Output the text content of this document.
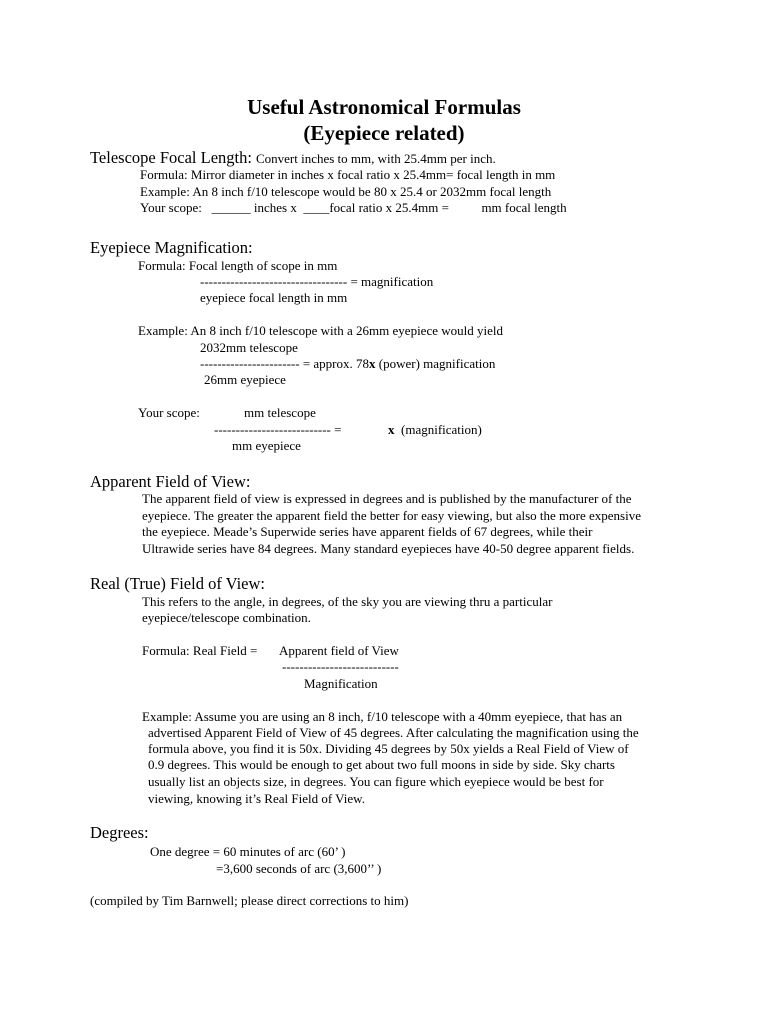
Useful Astronomical Formulas
(Eyepiece related)
Telescope Focal Length: Convert inches to mm, with 25.4mm per inch.
Formula: Mirror diameter in inches x focal ratio x 25.4mm= focal length in mm
Example: An 8 inch f/10 telescope would be 80 x 25.4 or 2032mm focal length
Your scope:   ______ inches x  ____focal ratio x 25.4mm =          mm focal length
Eyepiece Magnification:
Formula: Focal length of scope in mm
---------------------------------- = magnification
eyepiece focal length in mm
Example: An 8 inch f/10 telescope with a 26mm eyepiece would yield
2032mm telescope
----------------------- = approx. 78x (power) magnification
26mm eyepiece
Your scope:	mm telescope
--------------------------- =	x  (magnification)
mm eyepiece
Apparent Field of View:
The apparent field of view is expressed in degrees and is published by the manufacturer of the
eyepiece. The greater the apparent field the better for easy viewing, but also the more expensive
the eyepiece. Meade’s Superwide series have apparent fields of 67 degrees, while their
Ultrawide series have 84 degrees. Many standard eyepieces have 40-50 degree apparent fields.
Real (True) Field of View:
This refers to the angle, in degrees, of the sky you are viewing thru a particular
eyepiece/telescope combination.
Formula: Real Field = Apparent field of View
---------------------------
Magnification
Example: Assume you are using an 8 inch, f/10 telescope with a 40mm eyepiece, that has an
advertised Apparent Field of View of 45 degrees. After calculating the magnification using the
formula above, you find it is 50x. Dividing 45 degrees by 50x yields a Real Field of View of
0.9 degrees. This would be enough to get about two full moons in side by side. Sky charts
usually list an objects size, in degrees. You can figure which eyepiece would be best for
viewing, knowing it’s Real Field of View.
Degrees:
One degree = 60 minutes of arc (60’ )
=3,600 seconds of arc (3,600’’ )
(compiled by Tim Barnwell; please direct corrections to him)
